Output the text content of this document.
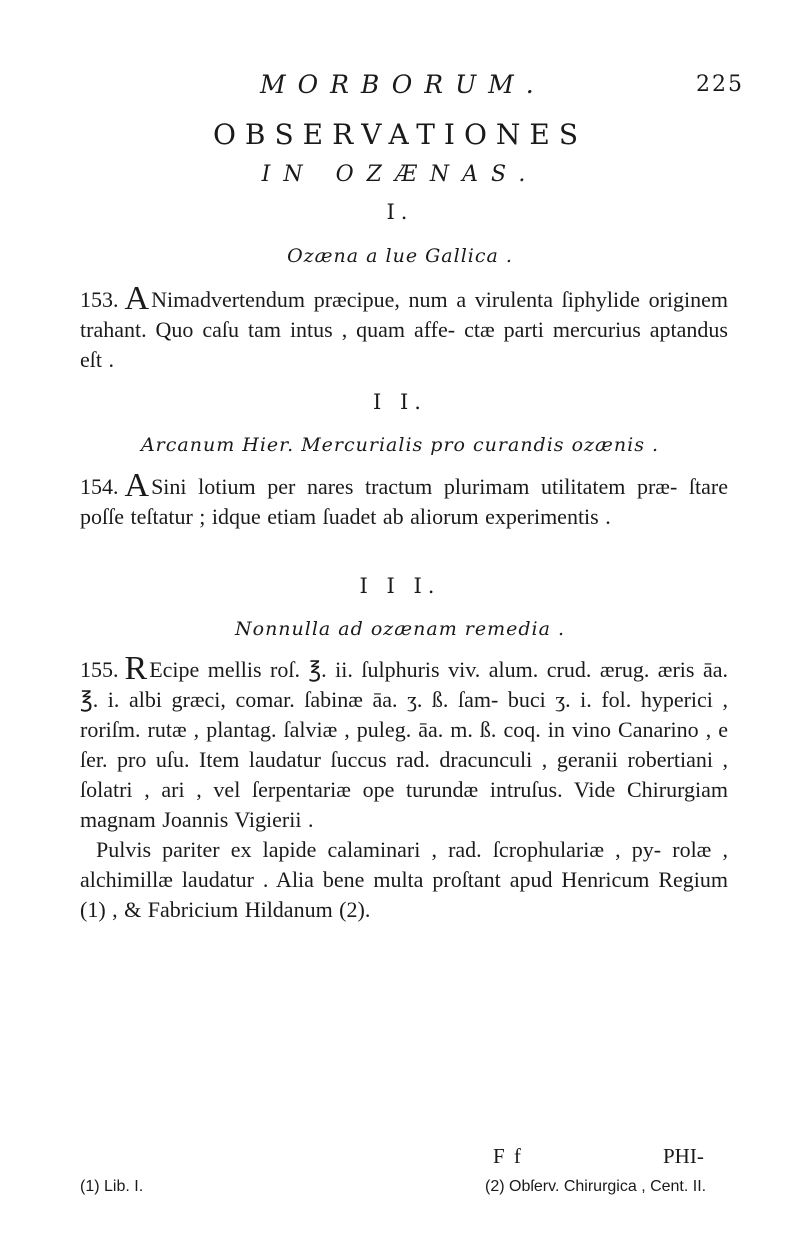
MORBORUM.	225
OBSERVATIONES
IN OZÆNAS.
I.
Ozæna a lue Gallica .
153. ANimadvertendum præcipue, num a virulenta ſiphylide originem trahant. Quo caſu tam intus , quam affe- ctæ parti mercurius aptandus eſt .
I I.
Arcanum Hier. Mercurialis pro curandis ozænis .
154. ASini lotium per nares tractum plurimam utilitatem præ- ſtare poſſe teſtatur ; idque etiam ſuadet ab aliorum experimentis .
I I I.
Nonnulla ad ozænam remedia .
155. REcipe mellis roſ. ℥. ii. ſulphuris viv. alum. crud. ærug. æris āa. ℥. i. albi græci, comar. ſabinæ āa. ʒ. ß. ſam- buci ʒ. i. fol. hyperici , roriſm. rutæ , plantag. ſalviæ , puleg. āa. m. ß. coq. in vino Canarino , e ſer. pro uſu. Item laudatur ſuccus rad. dracunculi , geranii robertiani , ſolatri , ari , vel ſerpentariæ ope turundæ intruſus. Vide Chirurgiam magnam Joannis Vigierii .
Pulvis pariter ex lapide calaminari , rad. ſcrophulariæ , py- rolæ , alchimillæ laudatur . Alia bene multa proſtant apud Henricum Regium (1) , & Fabricium Hildanum (2).
F f	PHI-
(1) Lib. I.	(2) Obſerv. Chirurgica , Cent. II.
